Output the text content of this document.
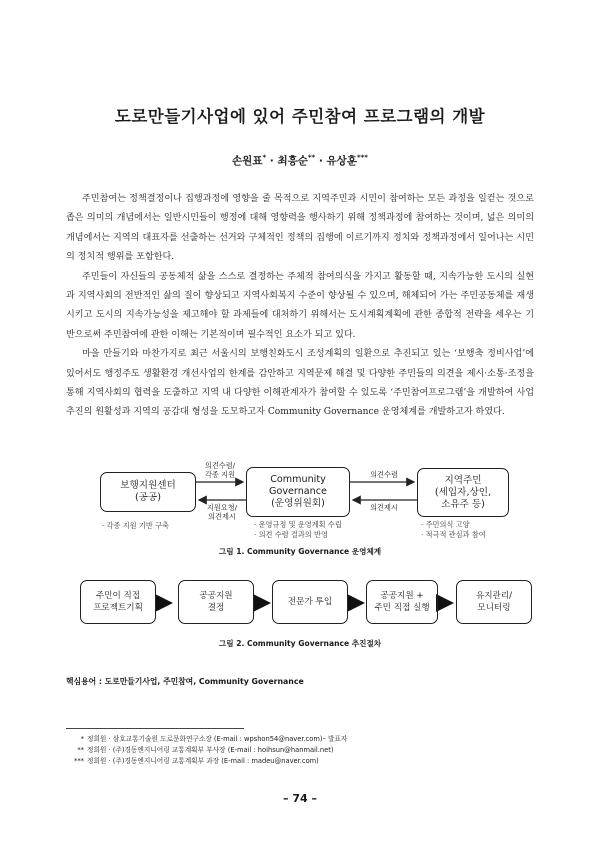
도로만들기사업에 있어 주민참여 프로그램의 개발
손원표* · 최흥순** · 유상훈***

주민참여는 정책결정이나 집행과정에 영향을 줄 목적으로 지역주민과 시민이 참여하는 모든 과정을 일컫는 것으로 좁은 의미의 개념에서는 일반시민들이 행정에 대해 영향력을 행사하기 위해 정책과정에 참여하는 것이며, 넓은 의미의 개념에서는 지역의 대표자를 선출하는 선거와 구체적인 정책의 집행에 이르기까지 정치와 정책과정에서 일어나는 시민의 정치적 행위를 포함한다.

주민들이 자신들의 공동체적 삶을 스스로 결정하는 주체적 참여의식을 가지고 활동할 때, 지속가능한 도시의 실현과 지역사회의 전반적인 삶의 질이 향상되고 지역사회복지 수준이 향상될 수 있으며, 해체되어 가는 주민공동체를 재생시키고 도시의 지속가능성을 제고해야 할 과제들에 대처하기 위해서는 도시계획계획에 관한 종합적 전략을 세우는 기반으로써 주민참여에 관한 이해는 기본적이며 필수적인 요소가 되고 있다.

마을 만들기와 마찬가지로 최근 서울시의 보행친화도시 조성계획의 일환으로 추진되고 있는 ‘보행축 정비사업’에 있어서도 행정주도 생활환경 개선사업의 한계를 감안하고 지역문제 해결 및 다양한 주민들의 의견을 제시·소통·조정을 통해 지역사회의 협력을 도출하고 지역 내 다양한 이해관계자가 참여할 수 있도록 ‘주민참여프로그램’을 개발하여 사업추진의 원활성과 지역의 공감대 형성을 도모하고자 Community Governance 운영체계를 개발하고자 하였다.

보행지원센터
(공공)
Community
Governance
(운영위원회)
지역주민
(세입자,상인,
소유주 등)
의견수렴/
각종 지원
지원요청/
의견제시
의견수렴
의견제시
· 각종 지원 기반 구축	· 운영규정 및 운영계획 수립
· 의견 수렴 결과의 반영
· 주민의식 고양
· 적극적 관심과 참여
그림 1. Community Governance 운영체계
주민이 직접
프로젝트기획
공공지원
결정
전문가 투입
공공지원 +
주민 직접 실행
유지관리/
모니터링
그림 2. Community Governance 추진절차
핵심용어 : 도로만들기사업, 주민참여, Community Governance
* 정회원 · 삼호교통기술원 도로문화연구소장 (E-mail : wpshon54@naver.com)– 발표자
** 정회원 · (주)경동엔지니어링 교통계획부 부사장 (E-mail : hoihsun@hanmail.net)
*** 정회원 · (주)경동엔지니어링 교통계획부 과장 (E-mail : madeu@naver.com)
– 74 –
